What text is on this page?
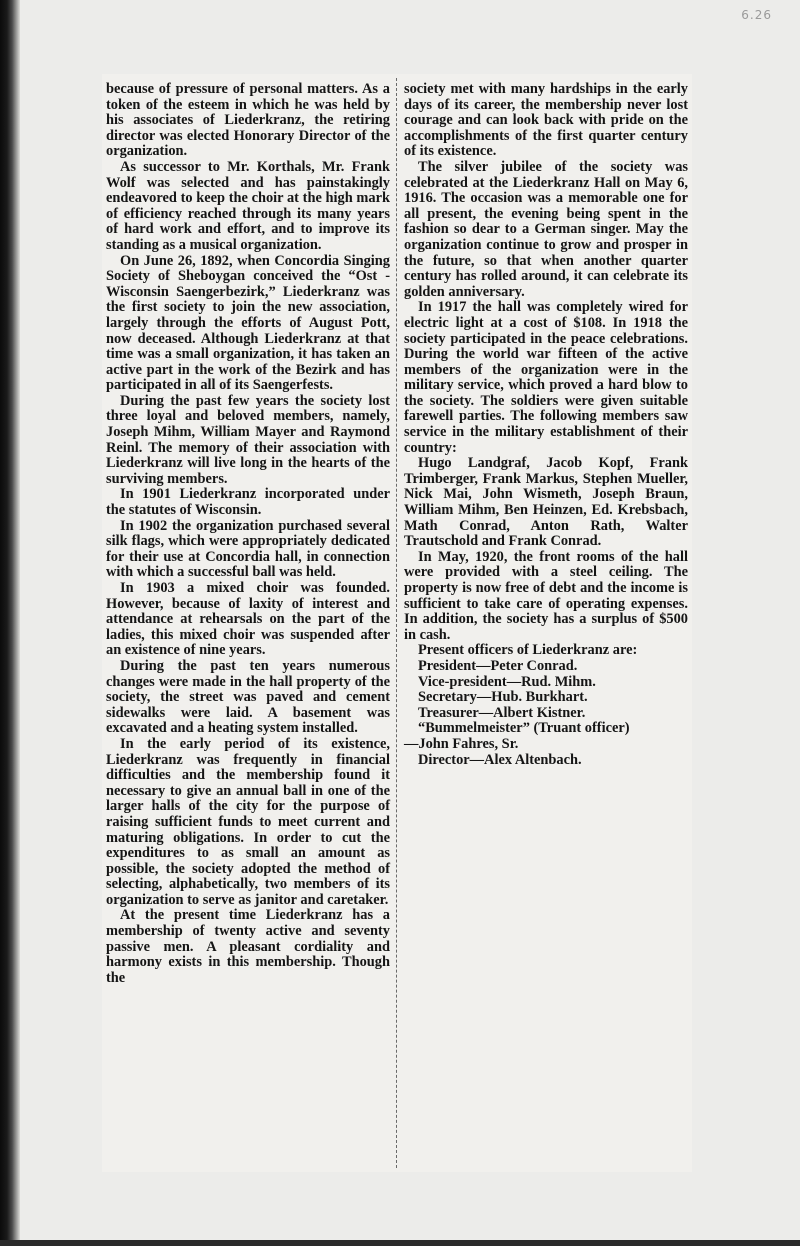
6.26

because of pressure of personal matters. As a token of the esteem in which he was held by his associates of Liederkranz, the retiring director was elected Honorary Director of the organization.

As successor to Mr. Korthals, Mr. Frank Wolf was selected and has painstakingly endeavored to keep the choir at the high mark of efficiency reached through its many years of hard work and effort, and to improve its standing as a musical organization.

On June 26, 1892, when Concordia Singing Society of Sheboygan conceived the “Ost - Wisconsin Saengerbezirk,” Liederkranz was the first society to join the new association, largely through the efforts of August Pott, now deceased. Although Liederkranz at that time was a small organization, it has taken an active part in the work of the Bezirk and has participated in all of its Saengerfests.

During the past few years the society lost three loyal and beloved members, namely, Joseph Mihm, William Mayer and Raymond Reinl. The memory of their association with Liederkranz will live long in the hearts of the surviving members.

In 1901 Liederkranz incorporated under the statutes of Wisconsin.

In 1902 the organization purchased several silk flags, which were appropriately dedicated for their use at Concordia hall, in connection with which a successful ball was held.

In 1903 a mixed choir was founded. However, because of laxity of interest and attendance at rehearsals on the part of the ladies, this mixed choir was suspended after an existence of nine years.

During the past ten years numerous changes were made in the hall property of the society, the street was paved and cement sidewalks were laid. A basement was excavated and a heating system installed.

In the early period of its existence, Liederkranz was frequently in financial difficulties and the membership found it necessary to give an annual ball in one of the larger halls of the city for the purpose of raising sufficient funds to meet current and maturing obligations. In order to cut the expenditures to as small an amount as possible, the society adopted the method of selecting, alphabetically, two members of its organization to serve as janitor and caretaker.

At the present time Liederkranz has a membership of twenty active and seventy passive men. A pleasant cordiality and harmony exists in this membership. Though the

society met with many hardships in the early days of its career, the membership never lost courage and can look back with pride on the accomplishments of the first quarter century of its existence.

The silver jubilee of the society was celebrated at the Liederkranz Hall on May 6, 1916. The occasion was a memorable one for all present, the evening being spent in the fashion so dear to a German singer. May the organization continue to grow and prosper in the future, so that when another quarter century has rolled around, it can celebrate its golden anniversary.

In 1917 the hall was completely wired for electric light at a cost of $108. In 1918 the society participated in the peace celebrations. During the world war fifteen of the active members of the organization were in the military service, which proved a hard blow to the society. The soldiers were given suitable farewell parties. The following members saw service in the military establishment of their country:

Hugo Landgraf, Jacob Kopf, Frank Trimberger, Frank Markus, Stephen Mueller, Nick Mai, John Wismeth, Joseph Braun, William Mihm, Ben Heinzen, Ed. Krebsbach, Math Conrad, Anton Rath, Walter Trautschold and Frank Conrad.

In May, 1920, the front rooms of the hall were provided with a steel ceiling. The property is now free of debt and the income is sufficient to take care of operating expenses. In addition, the society has a surplus of $500 in cash.

Present officers of Liederkranz are:

President—Peter Conrad.
Vice-president—Rud. Mihm.
Secretary—Hub. Burkhart.
Treasurer—Albert Kistner.
“Bummelmeister” (Truant officer)
—John Fahres, Sr.
Director—Alex Altenbach.
